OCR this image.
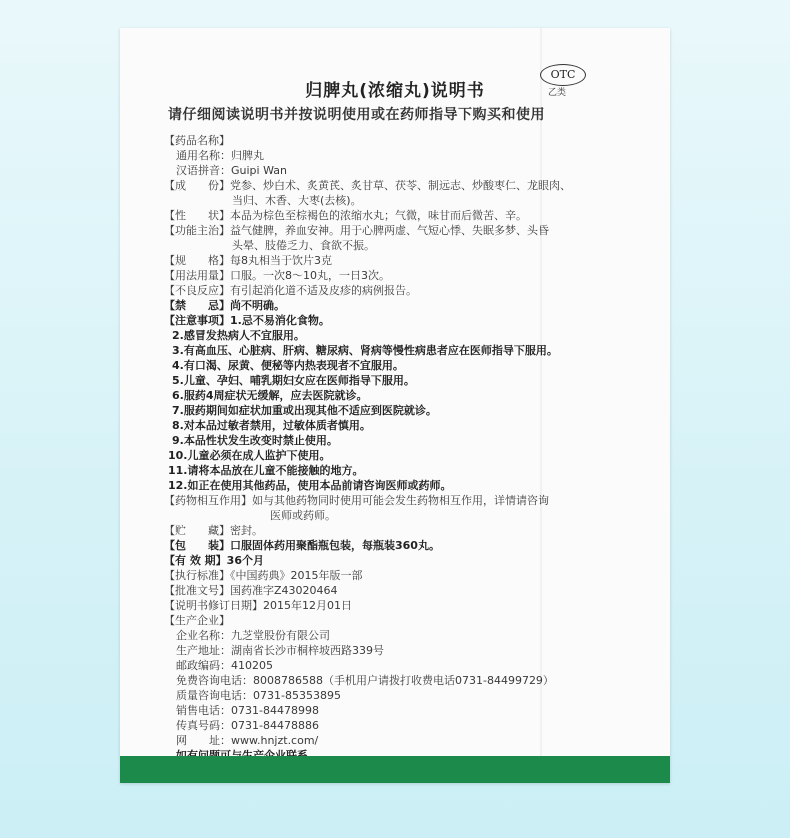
归脾丸(浓缩丸)说明书
OTC
乙类
请仔细阅读说明书并按说明使用或在药师指导下购买和使用
【药品名称】
通用名称：归脾丸
汉语拼音：Guipi Wan
【成　　份】党参、炒白术、炙黄芪、炙甘草、茯苓、制远志、炒酸枣仁、龙眼肉、
当归、木香、大枣(去核)。
【性　　状】本品为棕色至棕褐色的浓缩水丸；气微，味甘而后微苦、辛。
【功能主治】益气健脾，养血安神。用于心脾两虚、气短心悸、失眠多梦、头昏
头晕、肢倦乏力、食欲不振。
【规　　格】每8丸相当于饮片3克
【用法用量】口服。一次8～10丸，一日3次。
【不良反应】有引起消化道不适及皮疹的病例报告。
【禁　　忌】尚不明确。
【注意事项】1.忌不易消化食物。
2.感冒发热病人不宜服用。
3.有高血压、心脏病、肝病、糖尿病、肾病等慢性病患者应在医师指导下服用。
4.有口渴、尿黄、便秘等内热表现者不宜服用。
5.儿童、孕妇、哺乳期妇女应在医师指导下服用。
6.服药4周症状无缓解，应去医院就诊。
7.服药期间如症状加重或出现其他不适应到医院就诊。
8.对本品过敏者禁用，过敏体质者慎用。
9.本品性状发生改变时禁止使用。
10.儿童必须在成人监护下使用。
11.请将本品放在儿童不能接触的地方。
12.如正在使用其他药品，使用本品前请咨询医师或药师。
【药物相互作用】如与其他药物同时使用可能会发生药物相互作用，详情请咨询
医师或药师。
【贮　　藏】密封。
【包　　装】口服固体药用聚酯瓶包装，每瓶装360丸。
【有 效 期】36个月
【执行标准】《中国药典》2015年版一部
【批准文号】国药准字Z43020464
【说明书修订日期】2015年12月01日
【生产企业】
企业名称：九芝堂股份有限公司
生产地址：湖南省长沙市桐梓坡西路339号
邮政编码：410205
免费咨询电话：8008786588（手机用户请拨打收费电话0731-84499729）
质量咨询电话：0731-85353895
销售电话：0731-84478998
传真号码：0731-84478886
网　　址：www.hnjzt.com/
